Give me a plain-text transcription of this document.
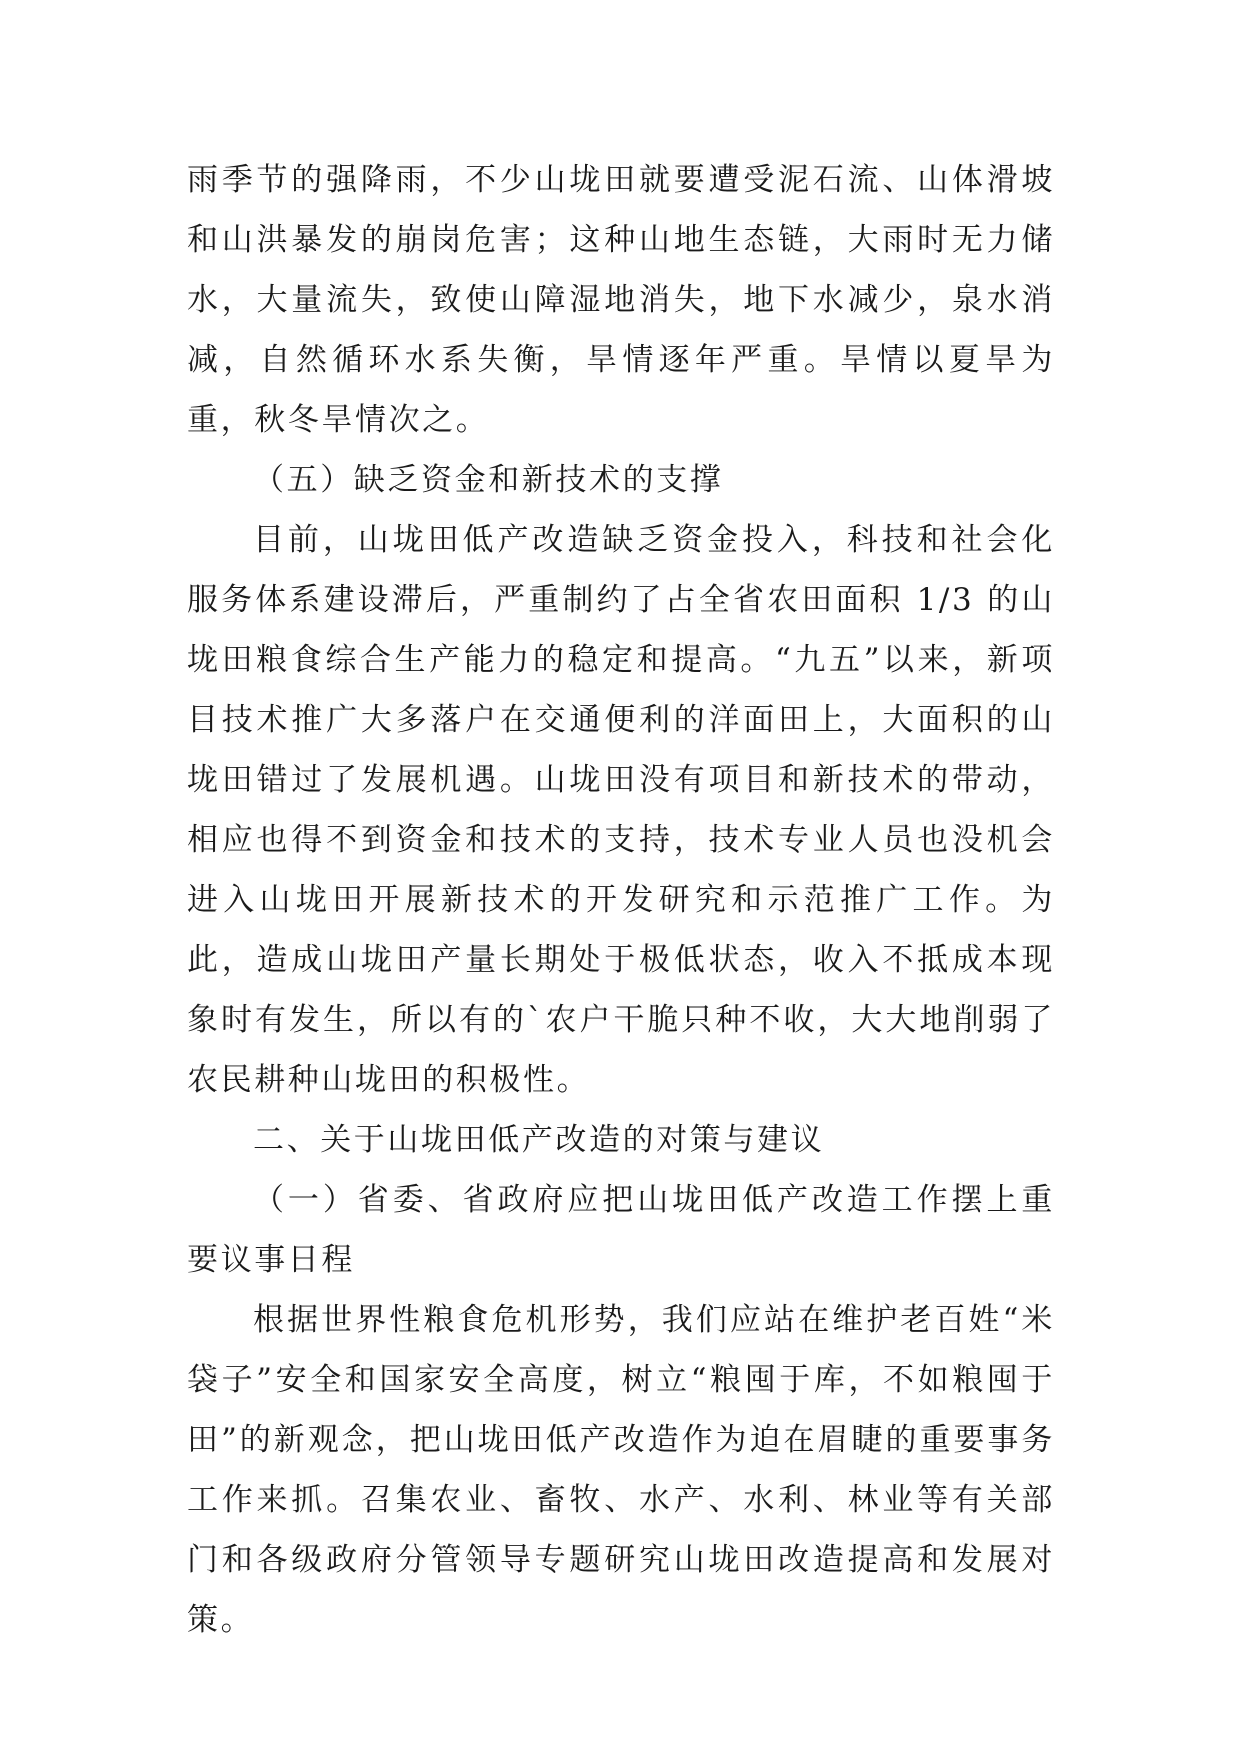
雨季节的强降雨，不少山垅田就要遭受泥石流、山体滑坡和山洪暴发的崩岗危害；这种山地生态链，大雨时无力储水，大量流失，致使山障湿地消失，地下水减少，泉水消减，自然循环水系失衡，旱情逐年严重。旱情以夏旱为重，秋冬旱情次之。

（五）缺乏资金和新技术的支撑

目前，山垅田低产改造缺乏资金投入，科技和社会化服务体系建设滞后，严重制约了占全省农田面积 1/3 的山垅田粮食综合生产能力的稳定和提高。“九五”以来，新项目技术推广大多落户在交通便利的洋面田上，大面积的山垅田错过了发展机遇。山垅田没有项目和新技术的带动，相应也得不到资金和技术的支持，技术专业人员也没机会进入山垅田开展新技术的开发研究和示范推广工作。为此，造成山垅田产量长期处于极低状态，收入不抵成本现象时有发生，所以有的`农户干脆只种不收，大大地削弱了农民耕种山垅田的积极性。

二、关于山垅田低产改造的对策与建议

（一）省委、省政府应把山垅田低产改造工作摆上重要议事日程

根据世界性粮食危机形势，我们应站在维护老百姓“米袋子”安全和国家安全高度，树立“粮囤于库，不如粮囤于田”的新观念，把山垅田低产改造作为迫在眉睫的重要事务工作来抓。召集农业、畜牧、水产、水利、林业等有关部门和各级政府分管领导专题研究山垅田改造提高和发展对策。
